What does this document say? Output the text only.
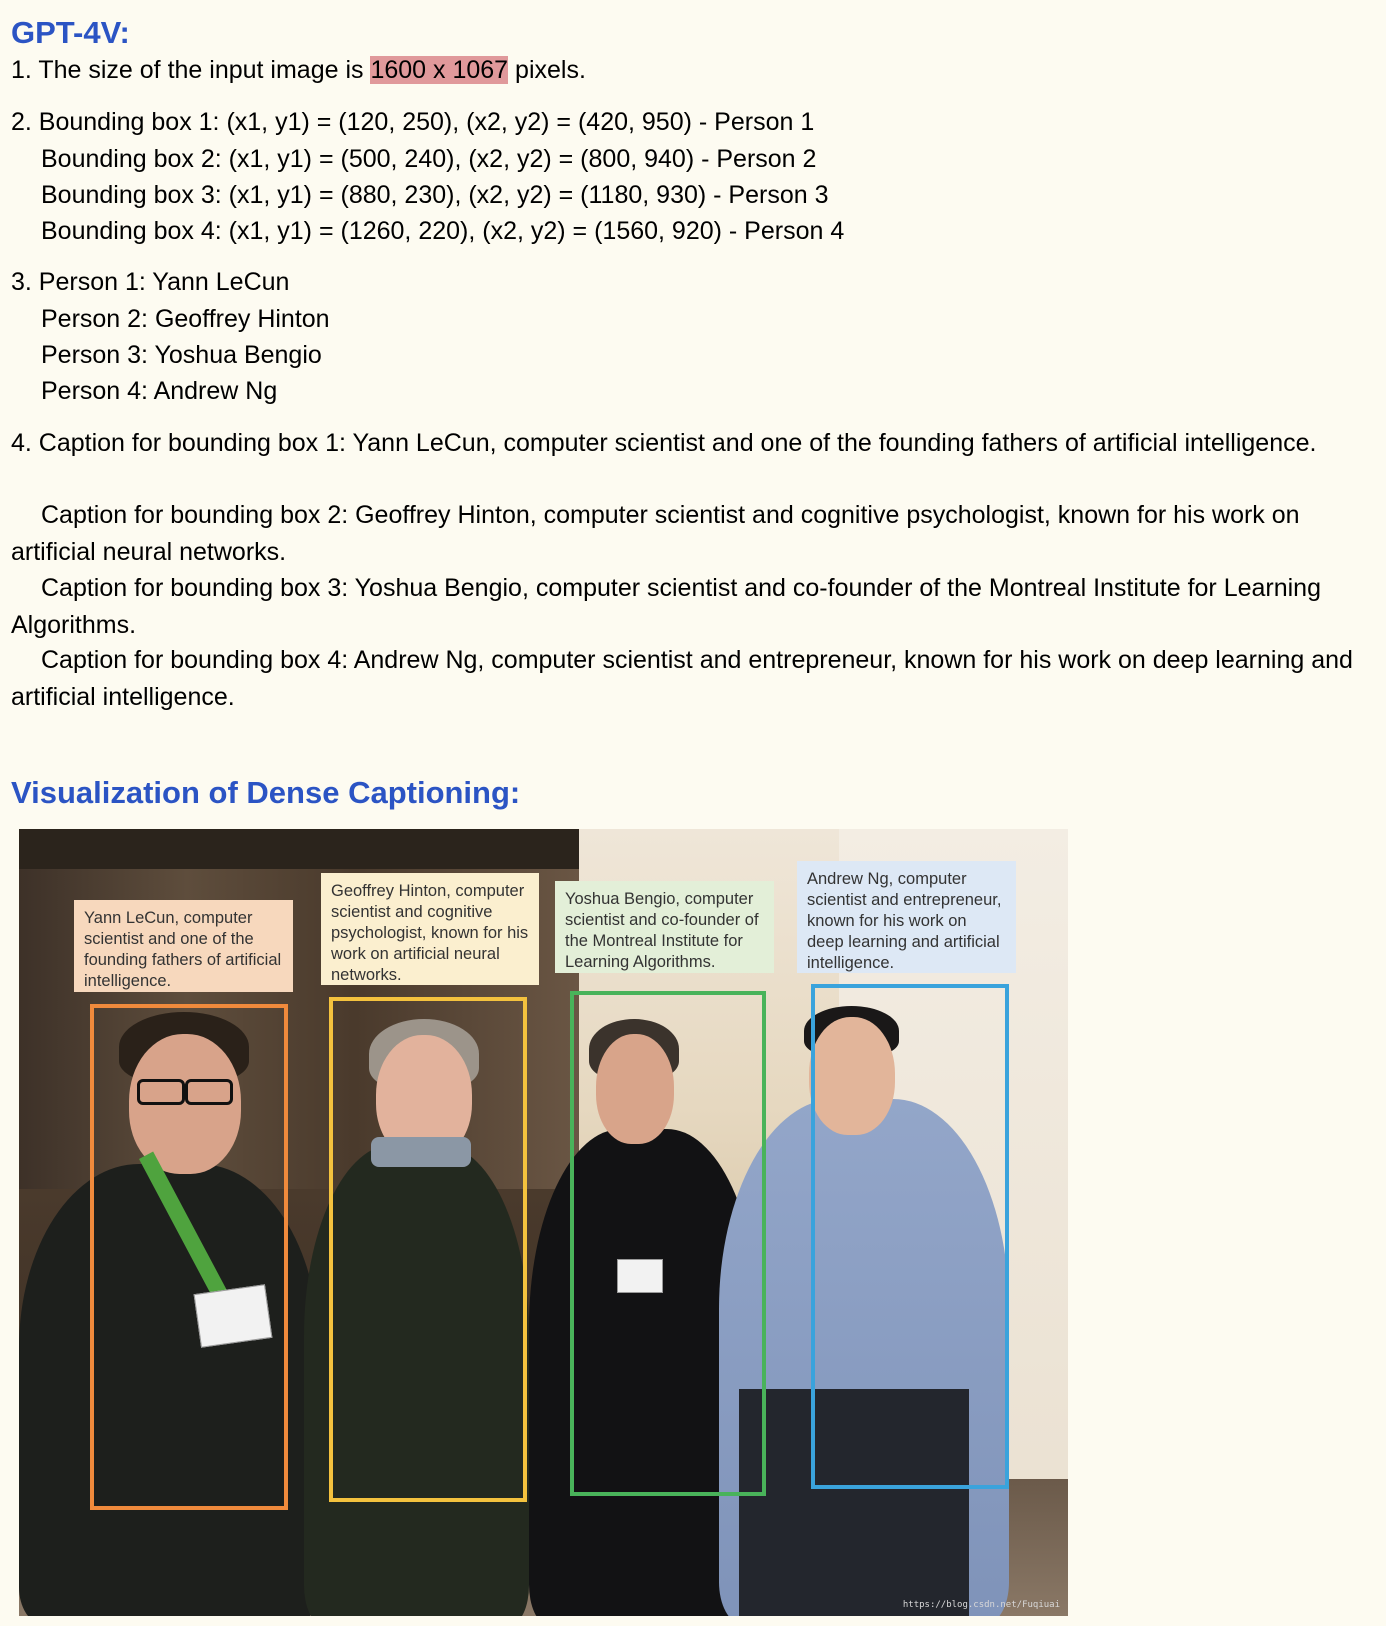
GPT-4V:

1. The size of the input image is 1600 x 1067 pixels.

2. Bounding box 1: (x1, y1) = (120, 250), (x2, y2) = (420, 950) - Person 1

Bounding box 2: (x1, y1) = (500, 240), (x2, y2) = (800, 940) - Person 2

Bounding box 3: (x1, y1) = (880, 230), (x2, y2) = (1180, 930) - Person 3

Bounding box 4: (x1, y1) = (1260, 220), (x2, y2) = (1560, 920) - Person 4

3. Person 1: Yann LeCun

Person 2: Geoffrey Hinton

Person 3: Yoshua Bengio

Person 4: Andrew Ng

4. Caption for bounding box 1: Yann LeCun, computer scientist and one of the founding fathers of artificial intelligence.

Caption for bounding box 2: Geoffrey Hinton, computer scientist and cognitive psychologist, known for his work on artificial neural networks.

Caption for bounding box 3: Yoshua Bengio, computer scientist and co-founder of the Montreal Institute for Learning Algorithms.

Caption for bounding box 4: Andrew Ng, computer scientist and entrepreneur, known for his work on deep learning and artificial intelligence.

Visualization of Dense Captioning:
Yann LeCun, computer scientist and one of the founding fathers of artificial intelligence.
Geoffrey Hinton, computer scientist and cognitive psychologist, known for his work on artificial neural networks.
Yoshua Bengio, computer scientist and co-founder of the Montreal Institute for Learning Algorithms.
Andrew Ng, computer scientist and entrepreneur, known for his work on deep learning and artificial intelligence.
https://blog.csdn.net/Fuqiuai
